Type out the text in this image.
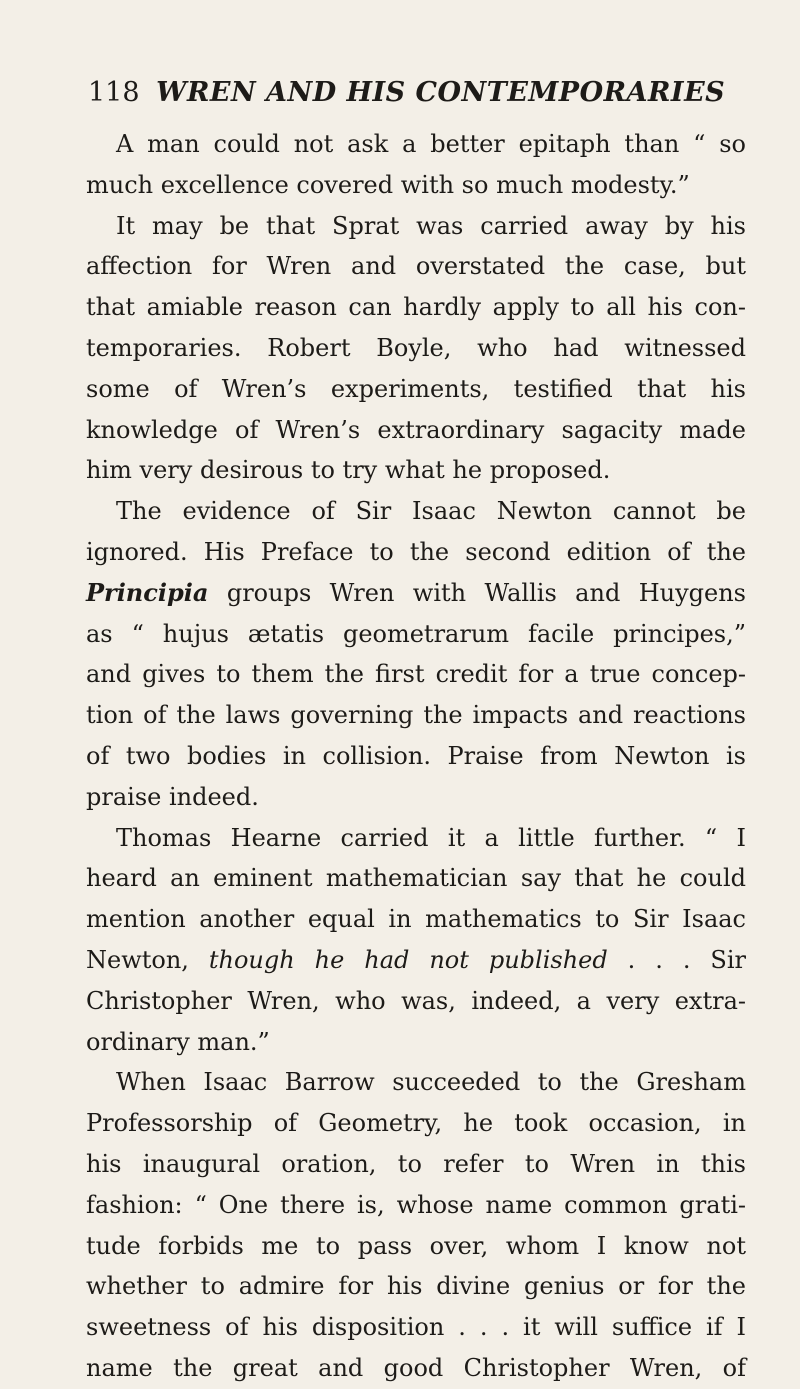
118 WREN AND HIS CONTEMPORARIES
A man could not ask a better epitaph than “ so
much excellence covered with so much modesty.”
It may be that Sprat was carried away by his
affection for Wren and overstated the case, but
that amiable reason can hardly apply to all his con-
temporaries. Robert Boyle, who had witnessed
some of Wren’s experiments, testified that his
knowledge of Wren’s extraordinary sagacity made
him very desirous to try what he proposed.
The evidence of Sir Isaac Newton cannot be
ignored. His Preface to the second edition of the
Principia groups Wren with Wallis and Huygens
as “ hujus ætatis geometrarum facile principes,”
and gives to them the first credit for a true concep-
tion of the laws governing the impacts and reactions
of two bodies in collision. Praise from Newton is
praise indeed.
Thomas Hearne carried it a little further. “ I
heard an eminent mathematician say that he could
mention another equal in mathematics to Sir Isaac
Newton, though he had not published . . . Sir
Christopher Wren, who was, indeed, a very extra-
ordinary man.”
When Isaac Barrow succeeded to the Gresham
Professorship of Geometry, he took occasion, in
his inaugural oration, to refer to Wren in this
fashion: “ One there is, whose name common grati-
tude forbids me to pass over, whom I know not
whether to admire for his divine genius or for the
sweetness of his disposition . . . it will suffice if I
name the great and good Christopher Wren, of
